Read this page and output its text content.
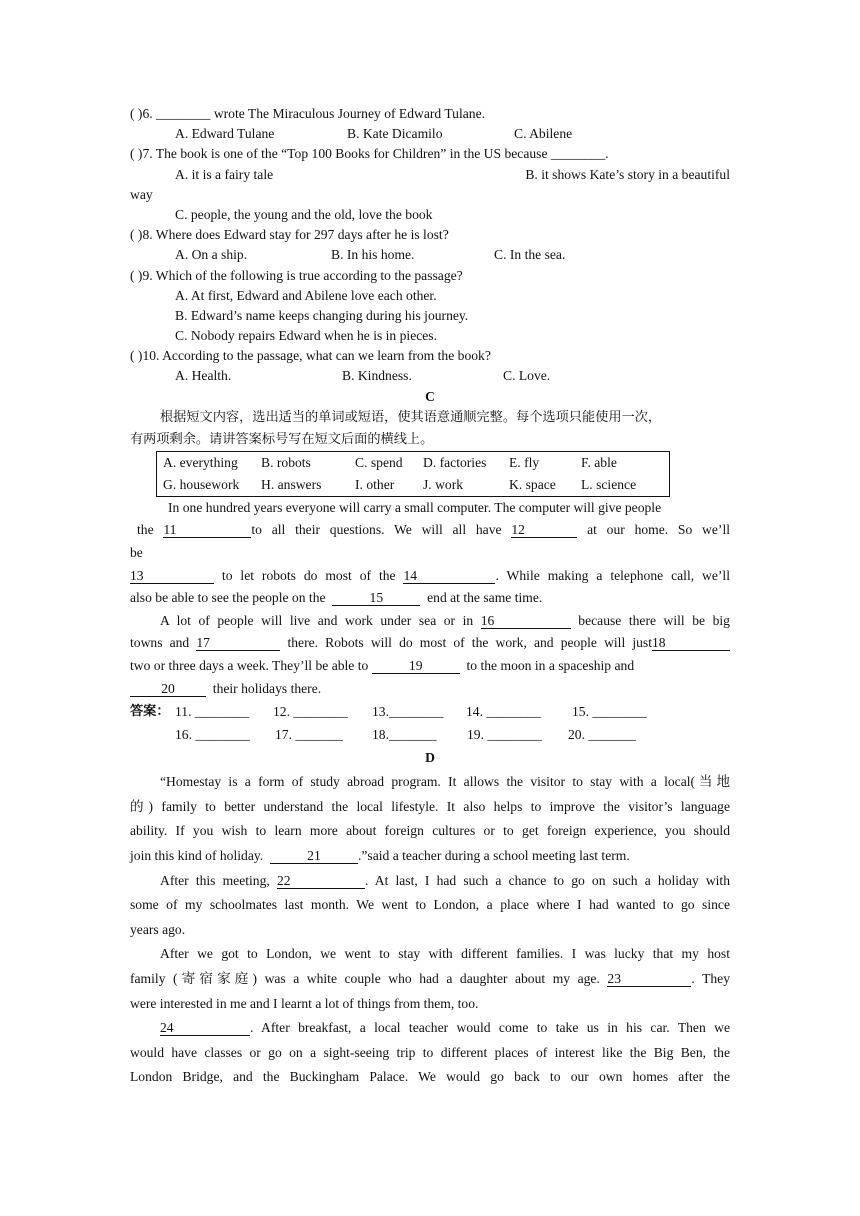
( )6. ________ wrote The Miraculous Journey of Edward Tulane.
A. Edward Tulane	B. Kate Dicamilo	C. Abilene
( )7. The book is one of the “Top 100 Books for Children” in the US because ________.
A. it is a fairy tale	B. it shows Kate’s story in a beautiful
way
C. people, the young and the old, love the book
( )8. Where does Edward stay for 297 days after he is lost?
A. On a ship.	B. In his home.	C. In the sea.
( )9. Which of the following is true according to the passage?
A. At first, Edward and Abilene love each other.
B. Edward’s name keeps changing during his journey.
C. Nobody repairs Edward when he is in pieces.
( )10. According to the passage, what can we learn from the book?
A. Health.	B. Kindness.	C. Love.
C
根据短文内容，选出适当的单词或短语，使其语意通顺完整。每个选项只能使用一次，
有两项剩余。请讲答案标号写在短文后面的横线上。
A. everything	B. robots	C. spend	D. factories	E. fly	F. able
G. housework	H. answers	I. other	J. work	K. space	L. science
In one hundred years everyone will carry a small computer. The computer will give people
the 11	to all their questions. We will all have 12	at our home. So we’ll
be
13	to let robots do most of the 14	. While making a telephone call, we’ll
also be able to see the people on the	15	end at the same time.
A lot of people will live and work under sea or in 16	because there will be big
towns and 17	there. Robots will do most of the work, and people will just18
two or three days a week. They’ll be able to	19	to the moon in a spaceship and
20	their holidays there.
答案： 11. ________ 12. ________ 13.________ 14. ________ 15. ________
16. ________ 17. _______ 18._______ 19. ________ 20. _______
D
“Homestay is a form of study abroad program. It allows the visitor to stay with a local(当地
的) family to better understand the local lifestyle. It also helps to improve the visitor’s language
ability. If you wish to learn more about foreign cultures or to get foreign experience, you should
join this kind of holiday.	21	.”said a teacher during a school meeting last term.
After this meeting, 22	. At last, I had such a chance to go on such a holiday with
some of my schoolmates last month. We went to London, a place where I had wanted to go since
years ago.
After we got to London, we went to stay with different families. I was lucky that my host
family (寄宿家庭) was a white couple who had a daughter about my age. 23	. They
were interested in me and I learnt a lot of things from them, too.
24	. After breakfast, a local teacher would come to take us in his car. Then we
would have classes or go on a sight-seeing trip to different places of interest like the Big Ben, the
London Bridge, and the Buckingham Palace. We would go back to our own homes after the
